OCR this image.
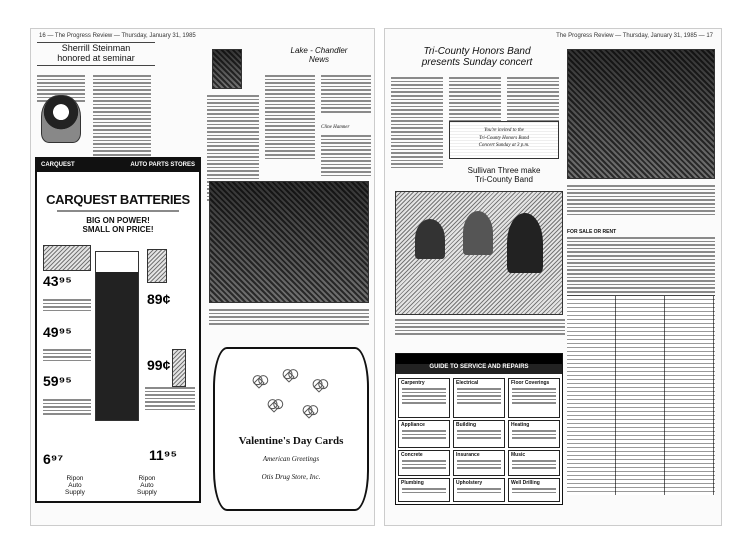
16 — The Progress Review — Thursday, January 31, 1985
Sherrill Steinman
honored at seminar
Lake - Chandler
News
Cline Hamner
CARQUEST	AUTO PARTS STORES
CARQUEST BATTERIES
BIG ON POWER!
SMALL ON PRICE!
43⁹⁵
49⁹⁵
59⁹⁵
6⁹⁷
89¢
99¢
11⁹⁵
Ripon
Auto
Supply
Ripon
Auto
Supply
Valentine's Day Cards
American Greetings
Otis Drug Store, Inc.
The Progress Review — Thursday, January 31, 1985 — 17
Tri-County Honors Band
presents Sunday concert
You're invited to the
Tri-County Honors Band
Concert Sunday at 3 p.m.
Sullivan Three make
Tri-County Band
FOR SALE OR RENT
GUIDE TO SERVICE AND REPAIRS
Carpentry	Electrical	Floor Coverings
Appliance	Building	Heating
Concrete	Insurance	Music
Plumbing	Upholstery	Well Drilling
